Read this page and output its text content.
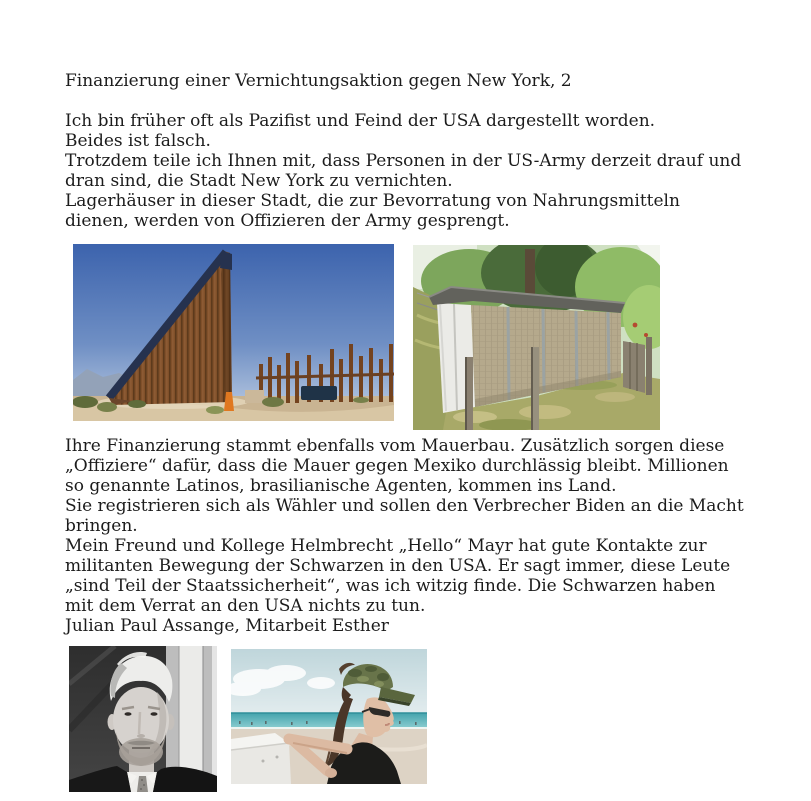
Finanzierung einer Vernichtungsaktion gegen New York, 2
Ich bin früher oft als Pazifist und Feind der USA dargestellt worden.
Beides ist falsch.
Trotzdem teile ich Ihnen mit, dass Personen in der US-Army derzeit drauf und
dran sind, die Stadt New York zu vernichten.
Lagerhäuser in dieser Stadt, die zur Bevorratung von Nahrungsmitteln
dienen, werden von Offizieren der Army gesprengt.
Ihre Finanzierung stammt ebenfalls vom Mauerbau. Zusätzlich sorgen diese
„Offiziere“ dafür, dass die Mauer gegen Mexiko durchlässig bleibt. Millionen
so genannte Latinos, brasilianische Agenten, kommen ins Land.
Sie registrieren sich als Wähler und sollen den Verbrecher Biden an die Macht
bringen.
Mein Freund und Kollege Helmbrecht „Hello“ Mayr hat gute Kontakte zur
militanten Bewegung der Schwarzen in den USA. Er sagt immer, diese Leute
„sind Teil der Staatssicherheit“, was ich witzig finde. Die Schwarzen haben
mit dem Verrat an den USA nichts zu tun.
Julian Paul Assange, Mitarbeit Esther
